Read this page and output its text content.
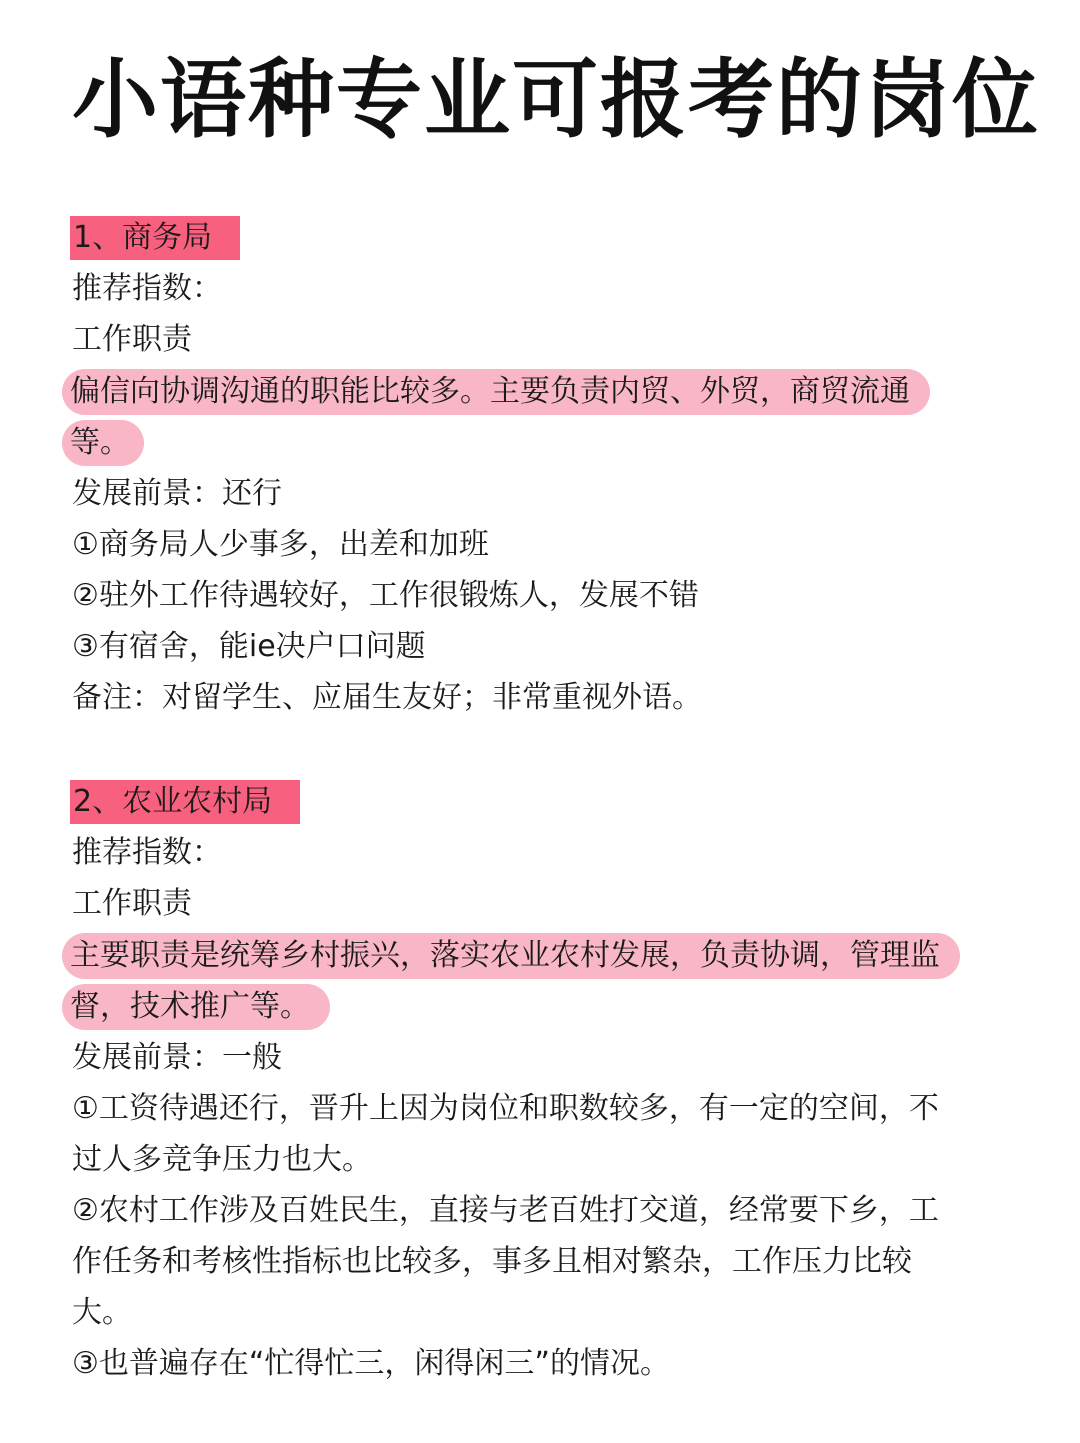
小语种专业可报考的岗位
1、商务局
推荐指数：
工作职责
偏信向协调沟通的职能比较多。主要负责内贸、外贸，商贸流通
等。
发展前景：还行
①商务局人少事多，出差和加班
②驻外工作待遇较好，工作很锻炼人，发展不错
③有宿舍，能ie决户口问题
备注：对留学生、应届生友好；非常重视外语。
2、农业农村局
推荐指数：
工作职责
主要职责是统筹乡村振兴，落实农业农村发展，负责协调，管理监
督，技术推广等。
发展前景：一般
①工资待遇还行，晋升上因为岗位和职数较多，有一定的空间，不
过人多竞争压力也大。
②农村工作涉及百姓民生，直接与老百姓打交道，经常要下乡，工
作任务和考核性指标也比较多，事多且相对繁杂，工作压力比较
大。
③也普遍存在“忙得忙三，闲得闲三”的情况。
